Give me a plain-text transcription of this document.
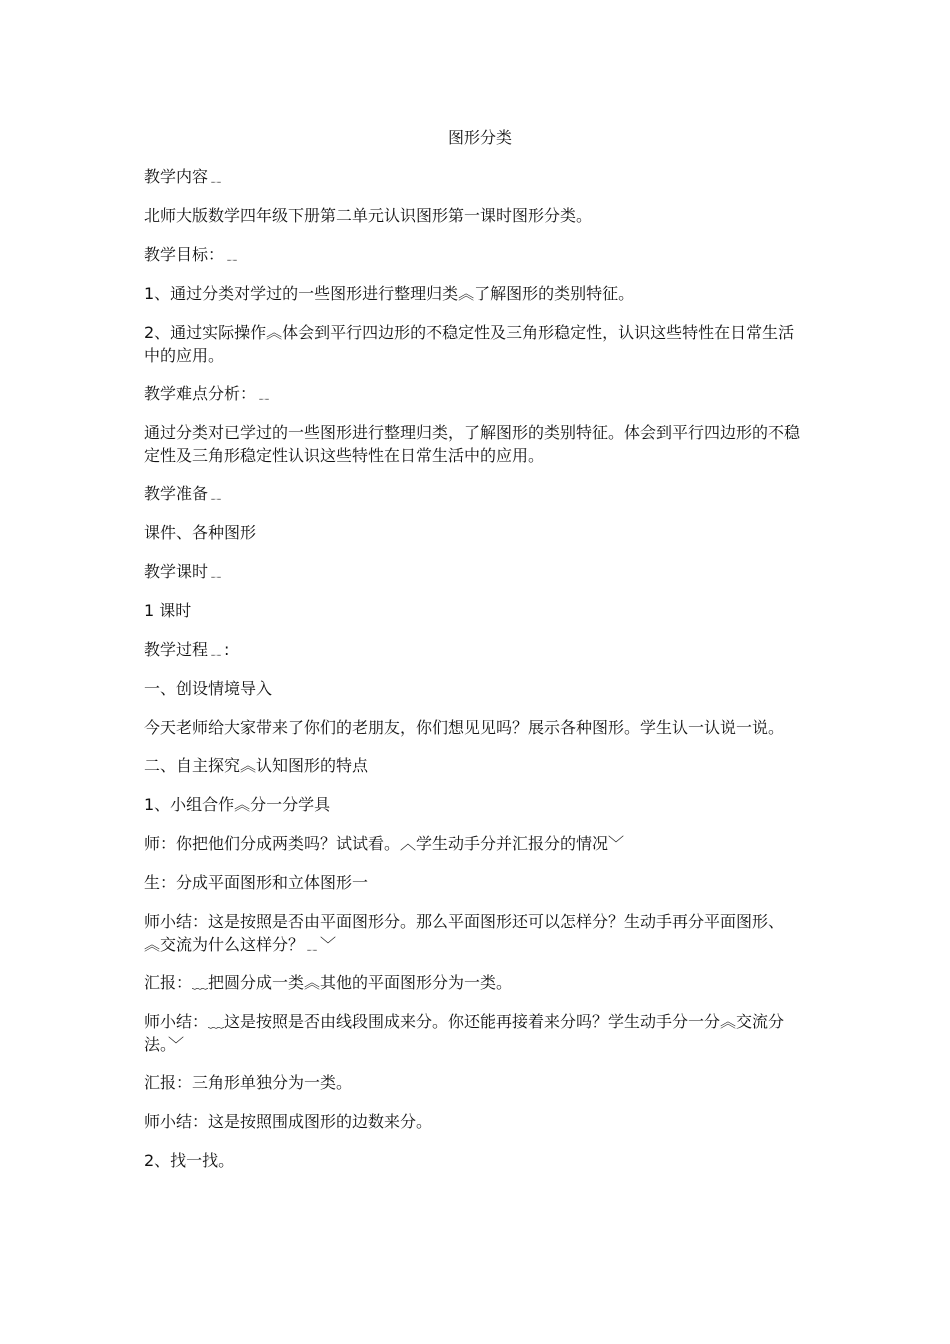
图形分类

教学内容﹎

北师大版数学四年级下册第二单元认识图形第一课时图形分类。

教学目标：﹎

1、通过分类对学过的一些图形进行整理归类︽了解图形的类别特征。

2、通过实际操作︽体会到平行四边形的不稳定性及三角形稳定性，认识这些特性在日常生活中的应用。

教学难点分析：﹎

通过分类对已学过的一些图形进行整理归类，了解图形的类别特征。体会到平行四边形的不稳定性及三角形稳定性认识这些特性在日常生活中的应用。

教学准备﹎

课件、各种图形

教学课时﹎

1 课时

教学过程﹎:

一、创设情境导入

今天老师给大家带来了你们的老朋友，你们想见见吗？展示各种图形。学生认一认说一说。

二、自主探究︽认知图形的特点

1、小组合作︽分一分学具

师：你把他们分成两类吗？试试看。︿学生动手分并汇报分的情况﹀

生：分成平面图形和立体图形一

师小结：这是按照是否由平面图形分。那么平面图形还可以怎样分？生动手再分平面图形、︽交流为什么这样分？﹎﹀

汇报：﹏把圆分成一类︽其他的平面图形分为一类。

师小结：﹏这是按照是否由线段围成来分。你还能再接着来分吗？学生动手分一分︽交流分法。﹀

汇报：三角形单独分为一类。

师小结：这是按照围成图形的边数来分。

2、找一找。
